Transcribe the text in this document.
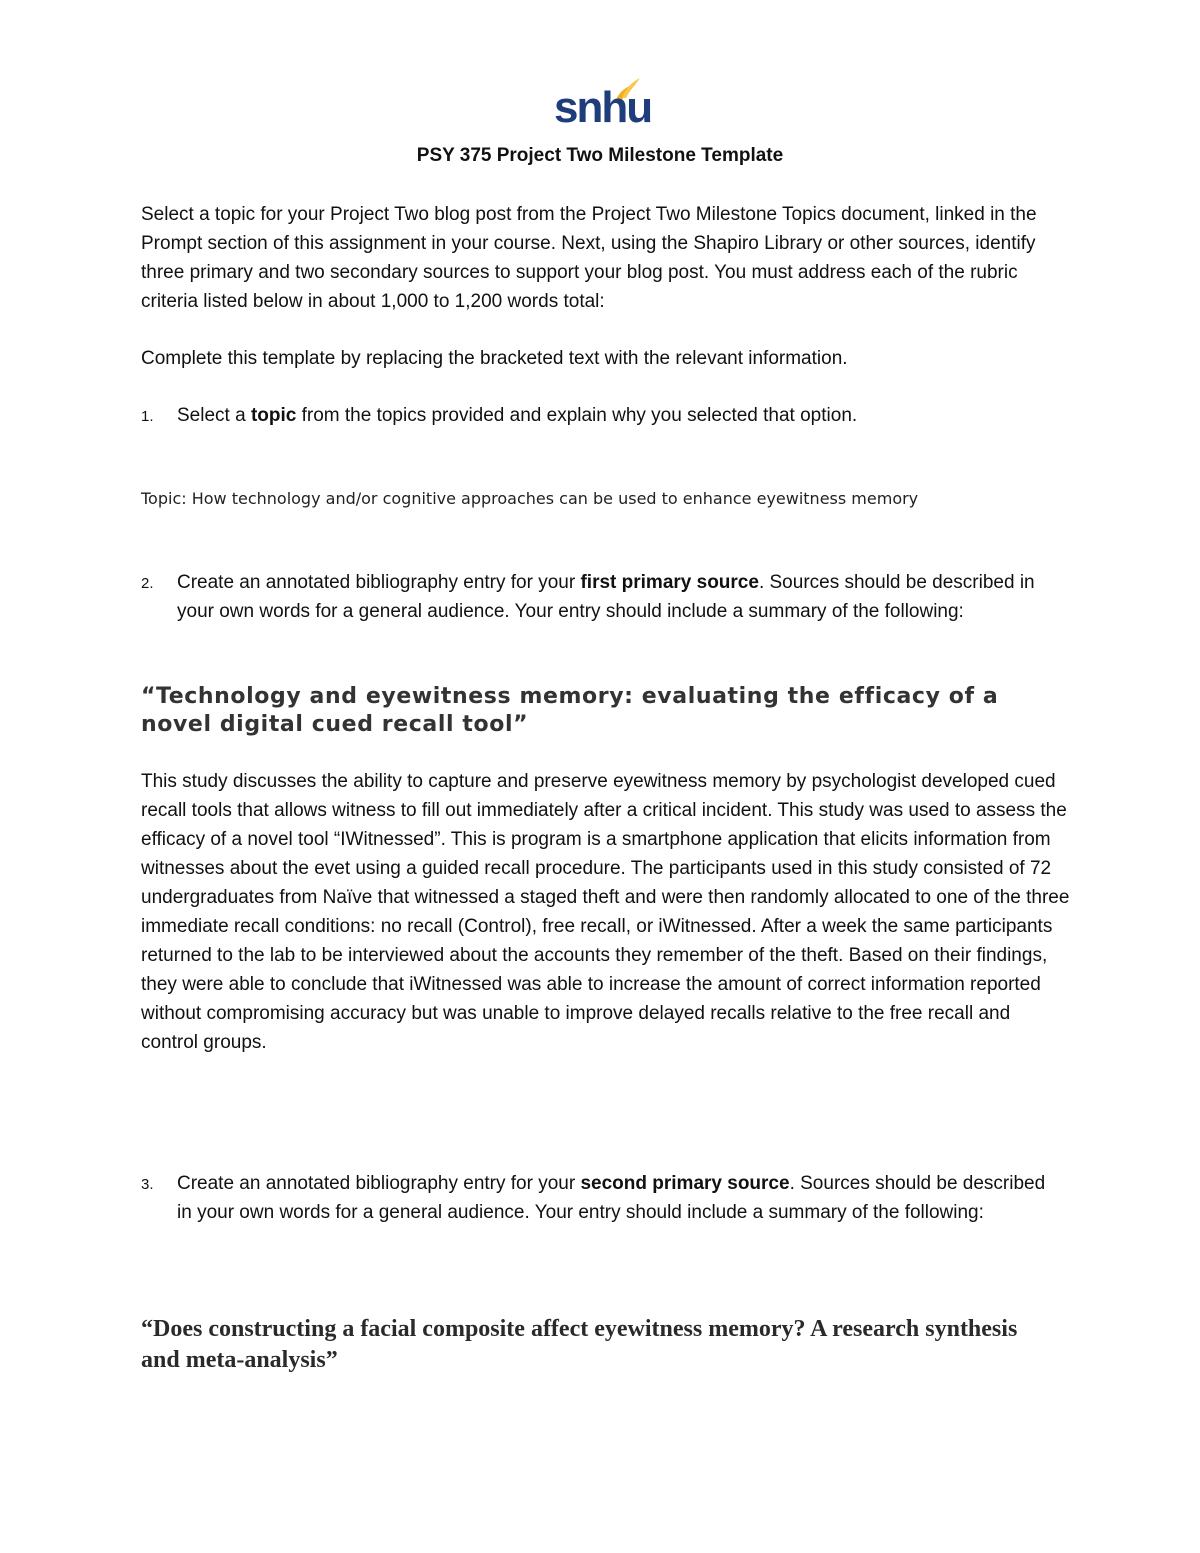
snhu
PSY 375 Project Two Milestone Template
Select a topic for your Project Two blog post from the Project Two Milestone Topics document, linked in the Prompt section of this assignment in your course. Next, using the Shapiro Library or other sources, identify three primary and two secondary sources to support your blog post. You must address each of the rubric criteria listed below in about 1,000 to 1,200 words total:
Complete this template by replacing the bracketed text with the relevant information.
1.	Select a topic from the topics provided and explain why you selected that option.
Topic: How technology and/or cognitive approaches can be used to enhance eyewitness memory
2.	Create an annotated bibliography entry for your first primary source. Sources should be described in your own words for a general audience. Your entry should include a summary of the following:
“Technology and eyewitness memory: evaluating the efficacy of a novel digital cued recall tool”
This study discusses the ability to capture and preserve eyewitness memory by psychologist developed cued recall tools that allows witness to fill out immediately after a critical incident. This study was used to assess the efficacy of a novel tool “IWitnessed”. This is program is a smartphone application that elicits information from witnesses about the evet using a guided recall procedure. The participants used in this study consisted of 72 undergraduates from Naïve that witnessed a staged theft and were then randomly allocated to one of the three immediate recall conditions: no recall (Control), free recall, or iWitnessed. After a week the same participants returned to the lab to be interviewed about the accounts they remember of the theft. Based on their findings, they were able to conclude that iWitnessed was able to increase the amount of correct information reported without compromising accuracy but was unable to improve delayed recalls relative to the free recall and control groups.
3.	Create an annotated bibliography entry for your second primary source. Sources should be described in your own words for a general audience. Your entry should include a summary of the following:
“Does constructing a facial composite affect eyewitness memory? A research synthesis and meta-analysis”
